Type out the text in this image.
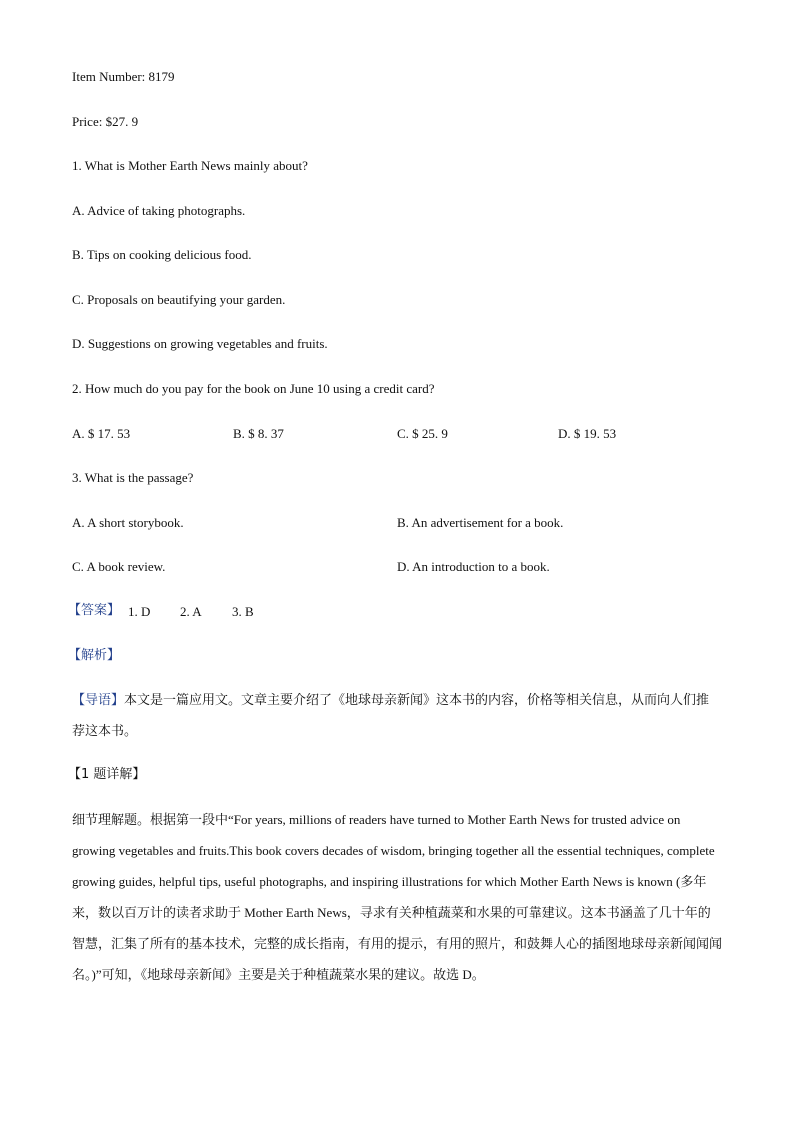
Item Number: 8179
Price: $27. 9
1. What is Mother Earth News mainly about?
A. Advice of taking photographs.
B. Tips on cooking delicious food.
C. Proposals on beautifying your garden.
D. Suggestions on growing vegetables and fruits.
2. How much do you pay for the book on June 10 using a credit card?
A. $ 17. 53	B. $ 8. 37	C. $ 25. 9	D. $ 19. 53
3. What is the passage?
A. A short storybook.	B. An advertisement for a book.
C. A book review.	D. An introduction to a book.
【答案】 1. D 2. A 3. B
【解析】
【导语】本文是一篇应用文。文章主要介绍了《地球母亲新闻》这本书的内容，价格等相关信息，从而向人们推荐这本书。
【1 题详解】
细节理解题。根据第一段中“For years, millions of readers have turned to Mother Earth News for trusted advice on growing vegetables and fruits.This book covers decades of wisdom, bringing together all the essential techniques, complete growing guides, helpful tips, useful photographs, and inspiring illustrations for which Mother Earth News is known (多年来，数以百万计的读者求助于 Mother Earth News，寻求有关种植蔬菜和水果的可靠建议。这本书涵盖了几十年的智慧，汇集了所有的基本技术，完整的成长指南，有用的提示，有用的照片，和鼓舞人心的插图地球母亲新闻闻闻名。)”可知，《地球母亲新闻》主要是关于种植蔬菜水果的建议。故选 D。
